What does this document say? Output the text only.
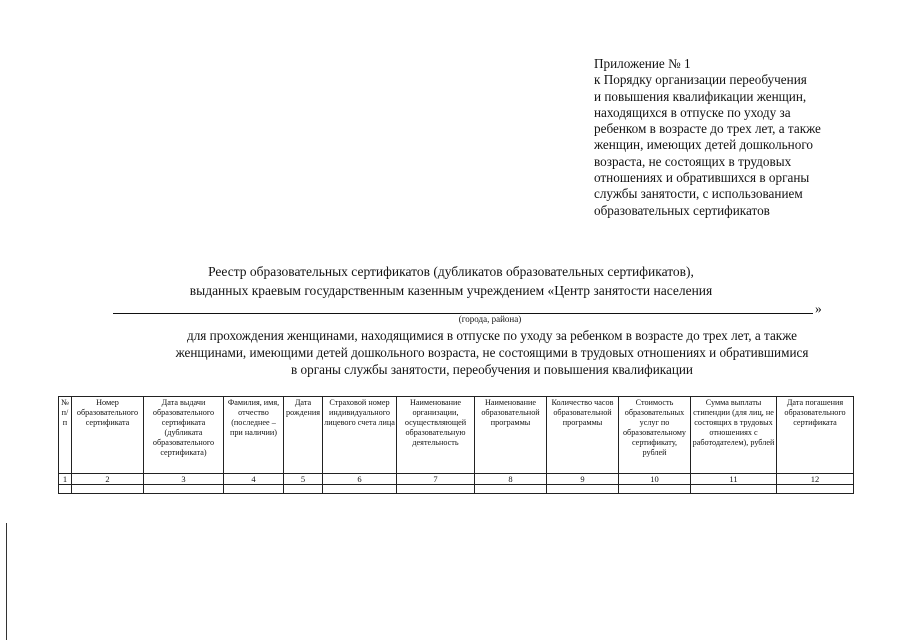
Приложение № 1
к Порядку организации переобучения
и повышения квалификации женщин,
находящихся в отпуске по уходу за
ребенком в возрасте до трех лет, а также
женщин, имеющих детей дошкольного
возраста, не состоящих в трудовых
отношениях и обратившихся в органы
службы занятости, с использованием
образовательных сертификатов
Реестр образовательных сертификатов (дубликатов образовательных сертификатов),
выданных краевым государственным казенным учреждением «Центр занятости населения
»
(города, района)
для прохождения женщинами, находящимися в отпуске по уходу за ребенком в возрасте до трех лет, а также
женщинами, имеющими детей дошкольного возраста, не состоящими в трудовых отношениях и обратившимися
в органы службы занятости, переобучения и повышения квалификации
№ п/п	Номер образовательного сертификата	Дата выдачи образовательного сертификата (дубликата образовательного сертификата)	Фамилия, имя, отчество (последнее – при наличии)	Дата рождения	Страховой номер индивидуального лицевого счета лица	Наименование организации, осуществляющей образовательную деятельность	Наименование образовательной программы	Количество часов образовательной программы	Стоимость образовательных услуг по образовательному сертификату, рублей	Сумма выплаты стипендии (для лиц, не состоящих в трудовых отношениях с работодателем), рублей	Дата погашения образовательного сертификата
1	2	3	4	5	6	7	8	9	10	11	12
